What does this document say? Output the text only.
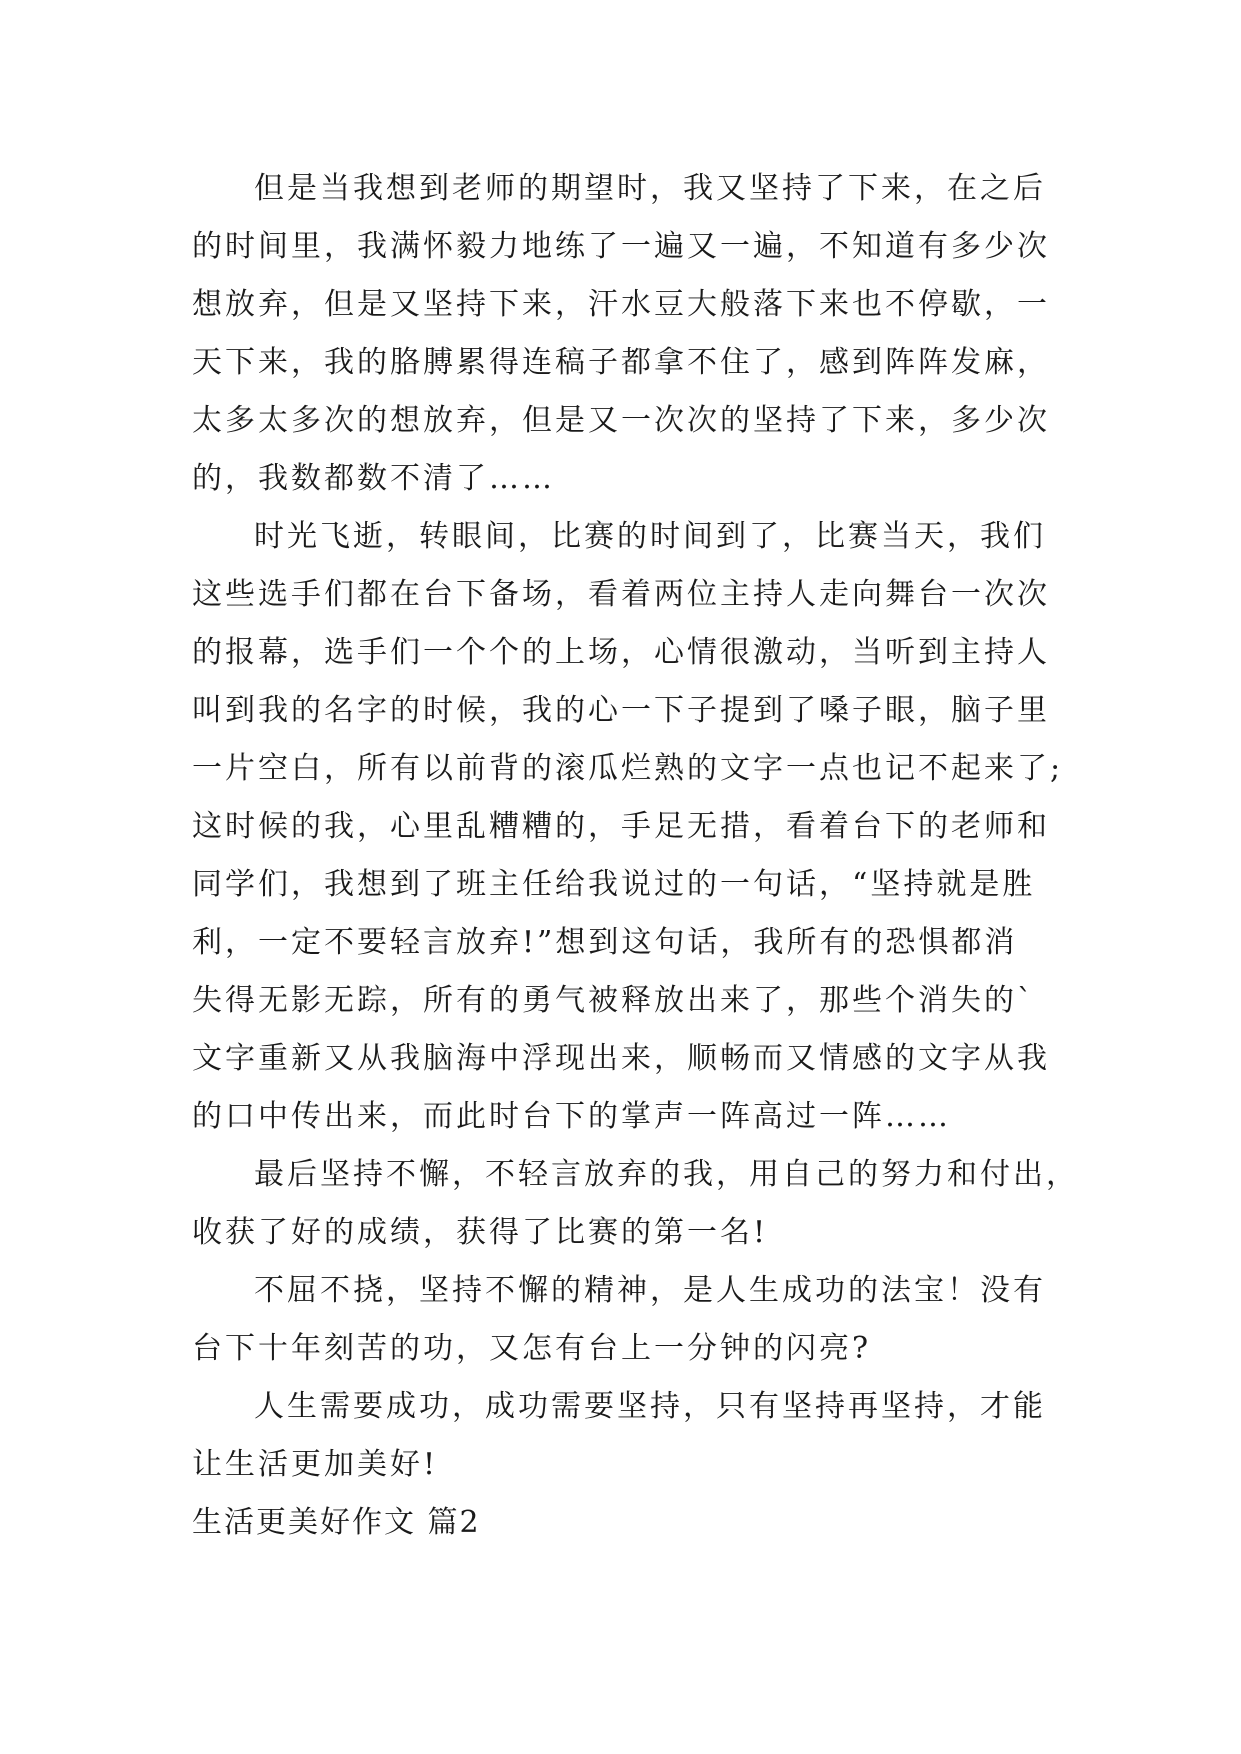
但是当我想到老师的期望时，我又坚持了下来，在之后
的时间里，我满怀毅力地练了一遍又一遍，不知道有多少次
想放弃，但是又坚持下来，汗水豆大般落下来也不停歇，一
天下来，我的胳膊累得连稿子都拿不住了，感到阵阵发麻，
太多太多次的想放弃，但是又一次次的坚持了下来，多少次
的，我数都数不清了……
时光飞逝，转眼间，比赛的时间到了，比赛当天，我们
这些选手们都在台下备场，看着两位主持人走向舞台一次次
的报幕，选手们一个个的上场，心情很激动，当听到主持人
叫到我的名字的时候，我的心一下子提到了嗓子眼，脑子里
一片空白，所有以前背的滚瓜烂熟的文字一点也记不起来了;
这时候的我，心里乱糟糟的，手足无措，看着台下的老师和
同学们，我想到了班主任给我说过的一句话，“坚持就是胜
利，一定不要轻言放弃!”想到这句话，我所有的恐惧都消
失得无影无踪，所有的勇气被释放出来了，那些个消失的`
文字重新又从我脑海中浮现出来，顺畅而又情感的文字从我
的口中传出来，而此时台下的掌声一阵高过一阵……
最后坚持不懈，不轻言放弃的我，用自己的努力和付出，
收获了好的成绩，获得了比赛的第一名!
不屈不挠，坚持不懈的精神，是人生成功的法宝！没有
台下十年刻苦的功，又怎有台上一分钟的闪亮?
人生需要成功，成功需要坚持，只有坚持再坚持，才能
让生活更加美好!
生活更美好作文 篇2
